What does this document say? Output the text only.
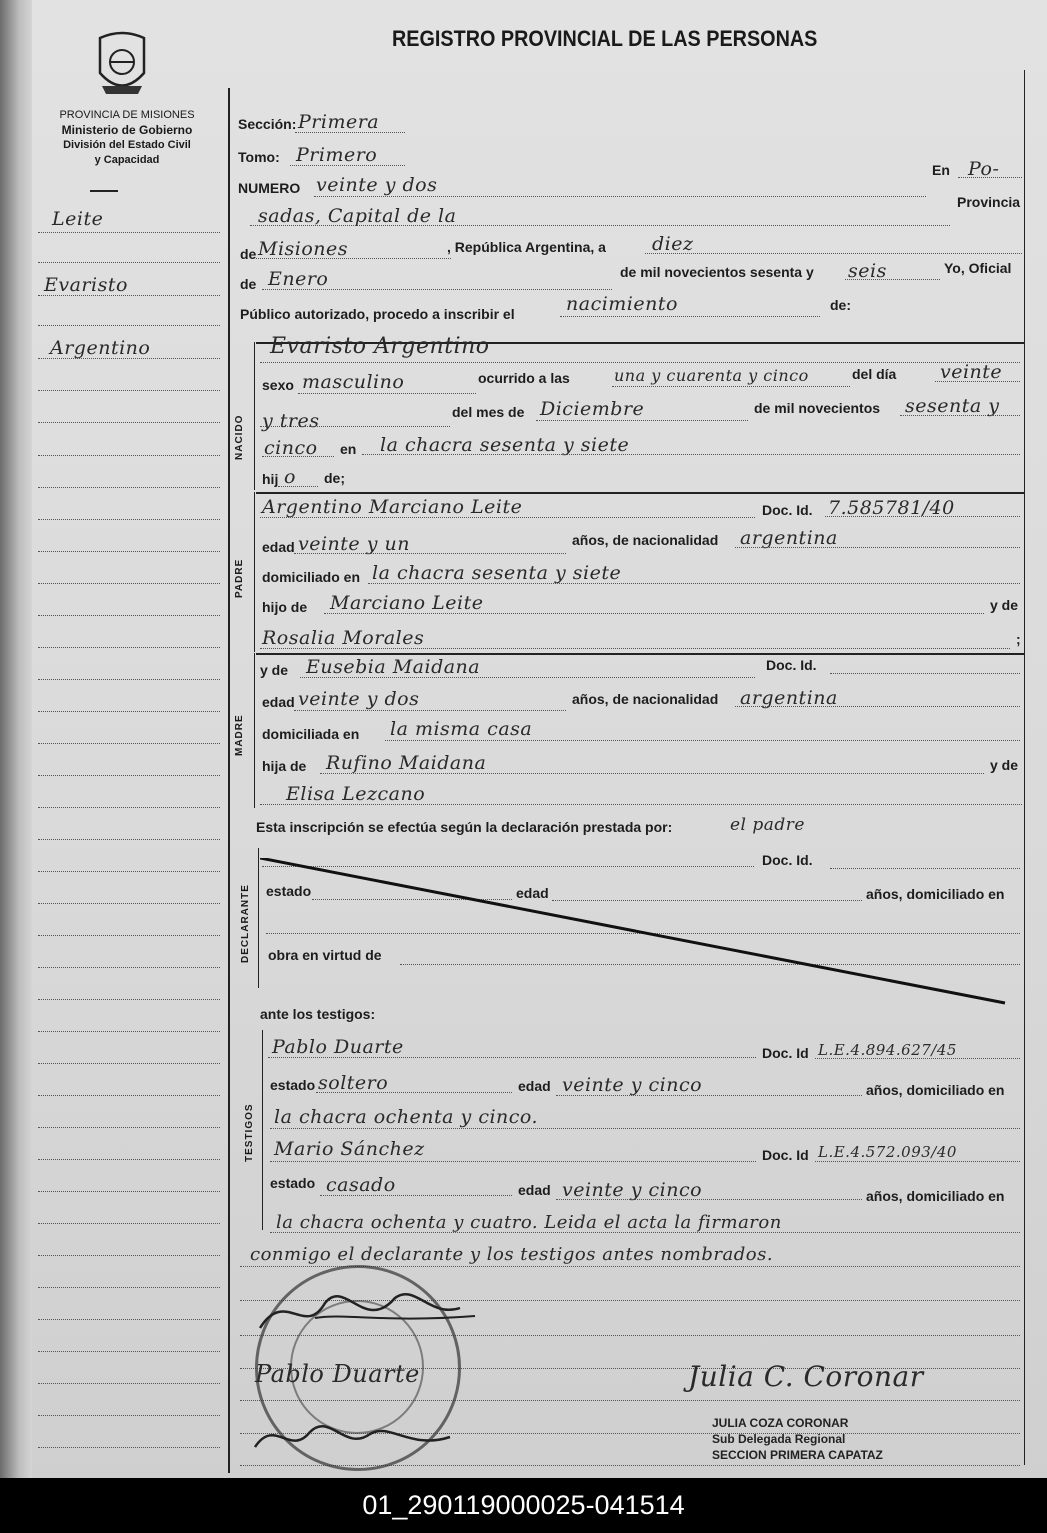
PROVINCIA DE MISIONES
Ministerio de Gobierno
División del Estado Civil
y Capacidad
REGISTRO PROVINCIAL DE LAS PERSONAS
Leite
Evaristo
Argentino
Sección: Primera
Tomo: Primero
NUMERO veinte y dos
En Po-
sadas, Capital de la
Provincia
de Misiones	, República Argentina, a diez
de Enero	de mil novecientos sesenta y seis	Yo, Oficial
Público autorizado, procedo a inscribir el	nacimiento	de:
NACIDO
Evaristo Argentino
sexo masculino	ocurrido a las	una y cuarenta y cinco	del día veinte
y tres	del mes de Diciembre	de mil novecientos sesenta y
cinco en la chacra sesenta y siete
hij o de;
PADRE
Argentino Marciano Leite	Doc. Id. 7.585781/40
edad veinte y un	años, de nacionalidad argentina
domiciliado en la chacra sesenta y siete
hijo de Marciano Leite	y de
Rosalia Morales	;
MADRE
y de Eusebia Maidana	Doc. Id.
edad veinte y dos	años, de nacionalidad argentina
domiciliada en la misma casa
hija de Rufino Maidana	y de
Elisa Lezcano
Esta inscripción se efectúa según la declaración prestada por:	el padre
DECLARANTE
Doc. Id.
estado	edad	años, domiciliado en
obra en virtud de
ante los testigos:
TESTIGOS
Pablo Duarte	Doc. Id L.E.4.894.627/45
estado soltero	edad veinte y cinco	años, domiciliado en
la chacra ochenta y cinco.
Mario Sánchez	Doc. Id L.E.4.572.093/40
estado casado	edad veinte y cinco	años, domiciliado en
la chacra ochenta y cuatro. Leida el acta la firmaron
conmigo el declarante y los testigos antes nombrados.
Pablo Duarte	Julia C. Coronar
JULIA COZA CORONAR
Sub Delegada Regional
SECCION PRIMERA CAPATAZ
01_290119000025-041514
